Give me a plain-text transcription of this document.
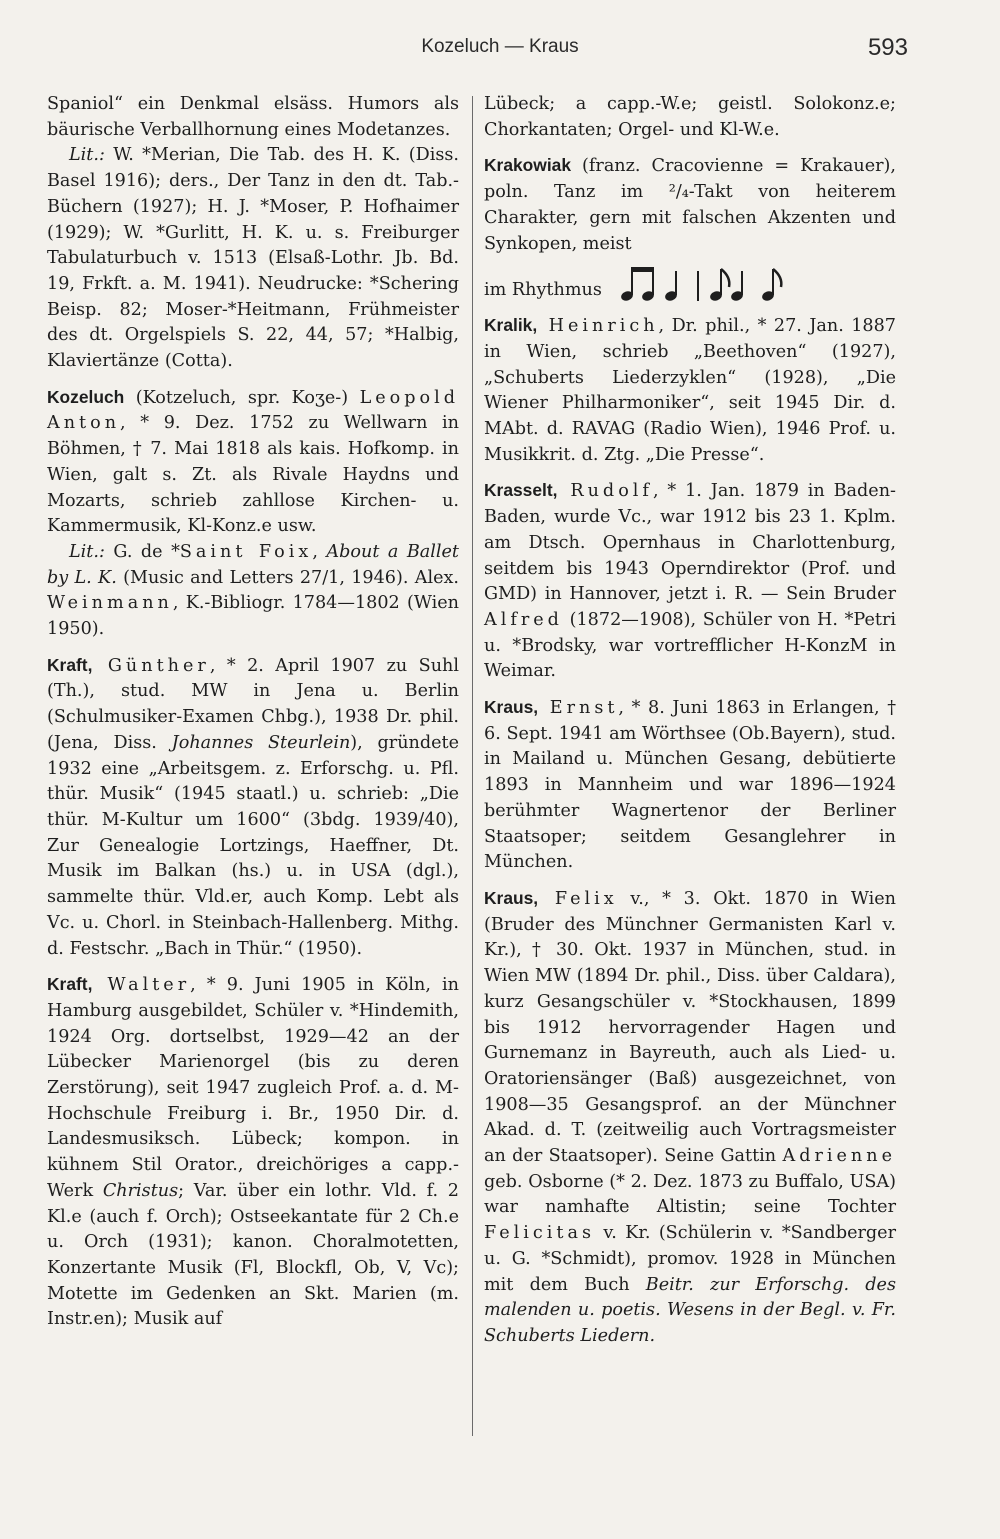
Kozeluch — Kraus	593

Spaniol“ ein Denkmal elsäss. Humors als bäurische Verballhornung eines Modetanzes.

Lit.: W. *Merian, Die Tab. des H. K. (Diss. Basel 1916); ders., Der Tanz in den dt. Tab.-Büchern (1927); H. J. *Moser, P. Hofhaimer (1929); W. *Gurlitt, H. K. u. s. Freiburger Tabulaturbuch v. 1513 (Elsaß-Lothr. Jb. Bd. 19, Frkft. a. M. 1941). Neudrucke: *Schering Beisp. 82; Moser-*Heitmann, Frühmeister des dt. Orgelspiels S. 22, 44, 57; *Halbig, Klaviertänze (Cotta).

Kozeluch (Kotzeluch, spr. Koʒe-) Leopold Anton, * 9. Dez. 1752 zu Wellwarn in Böhmen, † 7. Mai 1818 als kais. Hofkomp. in Wien, galt s. Zt. als Rivale Haydns und Mozarts, schrieb zahllose Kirchen- u. Kammermusik, Kl-Konz.e usw.

Lit.: G. de *Saint Foix, About a Ballet by L. K. (Music and Letters 27/1, 1946). Alex. Weinmann, K.-Bibliogr. 1784—1802 (Wien 1950).

Kraft, Günther, * 2. April 1907 zu Suhl (Th.), stud. MW in Jena u. Berlin (Schulmusiker-Examen Chbg.), 1938 Dr. phil. (Jena, Diss. Johannes Steurlein), gründete 1932 eine „Arbeitsgem. z. Erforschg. u. Pfl. thür. Musik“ (1945 staatl.) u. schrieb: „Die thür. M-Kultur um 1600“ (3bdg. 1939/40), Zur Genealogie Lortzings, Haeffner, Dt. Musik im Balkan (hs.) u. in USA (dgl.), sammelte thür. Vld.er, auch Komp. Lebt als Vc. u. Chorl. in Steinbach-Hallenberg. Mithg. d. Festschr. „Bach in Thür.“ (1950).

Kraft, Walter, * 9. Juni 1905 in Köln, in Hamburg ausgebildet, Schüler v. *Hindemith, 1924 Org. dortselbst, 1929—42 an der Lübecker Marienorgel (bis zu deren Zerstörung), seit 1947 zugleich Prof. a. d. M-Hochschule Freiburg i. Br., 1950 Dir. d. Landesmusiksch. Lübeck; kompon. in kühnem Stil Orator., dreichöriges a capp.-Werk Christus; Var. über ein lothr. Vld. f. 2 Kl.e (auch f. Orch); Ostseekantate für 2 Ch.e u. Orch (1931); kanon. Choralmotetten, Konzertante Musik (Fl, Blockfl, Ob, V, Vc); Motette im Gedenken an Skt. Marien (m. Instr.en); Musik auf

Lübeck; a capp.-W.e; geistl. Solokonz.e; Chorkantaten; Orgel- und Kl-W.e.

Krakowiak (franz. Cracovienne = Krakauer), poln. Tanz im ²/₄-Takt von heiterem Charakter, gern mit falschen Akzenten und Synkopen, meist

im Rhythmus

Kralik, Heinrich, Dr. phil., * 27. Jan. 1887 in Wien, schrieb „Beethoven“ (1927), „Schuberts Liederzyklen“ (1928), „Die Wiener Philharmoniker“, seit 1945 Dir. d. MAbt. d. RAVAG (Radio Wien), 1946 Prof. u. Musikkrit. d. Ztg. „Die Presse“.

Krasselt, Rudolf, * 1. Jan. 1879 in Baden-Baden, wurde Vc., war 1912 bis 23 1. Kplm. am Dtsch. Opernhaus in Charlottenburg, seitdem bis 1943 Operndirektor (Prof. und GMD) in Hannover, jetzt i. R. — Sein Bruder Alfred (1872—1908), Schüler von H. *Petri u. *Brodsky, war vortrefflicher H-KonzM in Weimar.

Kraus, Ernst, * 8. Juni 1863 in Erlangen, † 6. Sept. 1941 am Wörthsee (Ob.Bayern), stud. in Mailand u. München Gesang, debütierte 1893 in Mannheim und war 1896—1924 berühmter Wagnertenor der Berliner Staatsoper; seitdem Gesanglehrer in München.

Kraus, Felix v., * 3. Okt. 1870 in Wien (Bruder des Münchner Germanisten Karl v. Kr.), † 30. Okt. 1937 in München, stud. in Wien MW (1894 Dr. phil., Diss. über Caldara), kurz Gesangschüler v. *Stockhausen, 1899 bis 1912 hervorragender Hagen und Gurnemanz in Bayreuth, auch als Lied- u. Oratoriensänger (Baß) ausgezeichnet, von 1908—35 Gesangsprof. an der Münchner Akad. d. T. (zeitweilig auch Vortragsmeister an der Staatsoper). Seine Gattin Adrienne geb. Osborne (* 2. Dez. 1873 zu Buffalo, USA) war namhafte Altistin; seine Tochter Felicitas v. Kr. (Schülerin v. *Sandberger u. G. *Schmidt), promov. 1928 in München mit dem Buch Beitr. zur Erforschg. des malenden u. poetis. Wesens in der Begl. v. Fr. Schuberts Liedern.
